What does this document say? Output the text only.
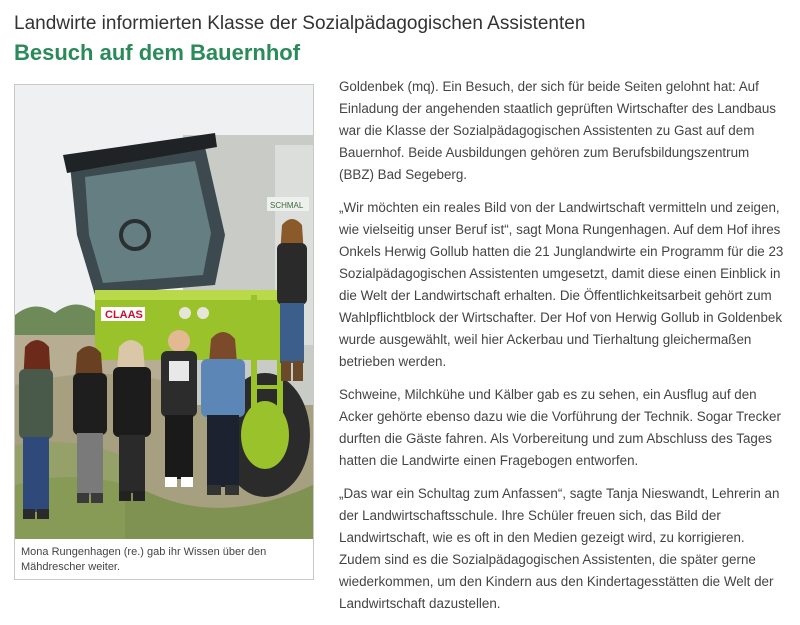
Landwirte informierten Klasse der Sozialpädagogischen Assistenten
Besuch auf dem Bauernhof
CLAAS
SCHMAL
Mona Rungenhagen (re.) gab ihr Wissen über den Mähdrescher weiter.

Goldenbek (mq). Ein Besuch, der sich für beide Seiten gelohnt hat: Auf Einladung der angehenden staatlich geprüften Wirtschafter des Landbaus war die Klasse der Sozialpädagogischen Assistenten zu Gast auf dem Bauernhof. Beide Ausbildungen gehören zum Berufsbildungszentrum (BBZ) Bad Segeberg.

„Wir möchten ein reales Bild von der Landwirtschaft vermitteln und zeigen, wie vielseitig unser Beruf ist“, sagt Mona Rungenhagen. Auf dem Hof ihres Onkels Herwig Gollub hatten die 21 Junglandwirte ein Programm für die 23 Sozialpädagogischen Assistenten umgesetzt, damit diese einen Einblick in die Welt der Landwirtschaft erhalten. Die Öffentlichkeitsarbeit gehört zum Wahlpflichtblock der Wirtschafter. Der Hof von Herwig Gollub in Goldenbek wurde ausgewählt, weil hier Ackerbau und Tierhaltung gleichermaßen betrieben werden.

Schweine, Milchkühe und Kälber gab es zu sehen, ein Ausflug auf den Acker gehörte ebenso dazu wie die Vorführung der Technik. Sogar Trecker durften die Gäste fahren. Als Vorbereitung und zum Abschluss des Tages hatten die Landwirte einen Fragebogen entworfen.

„Das war ein Schultag zum Anfassen“, sagte Tanja Nieswandt, Lehrerin an der Landwirtschaftsschule. Ihre Schüler freuen sich, das Bild der Landwirtschaft, wie es oft in den Medien gezeigt wird, zu korrigieren. Zudem sind es die Sozialpädagogischen Assistenten, die später gerne wiederkommen, um den Kindern aus den Kindertagesstätten die Welt der Landwirtschaft dazustellen.
